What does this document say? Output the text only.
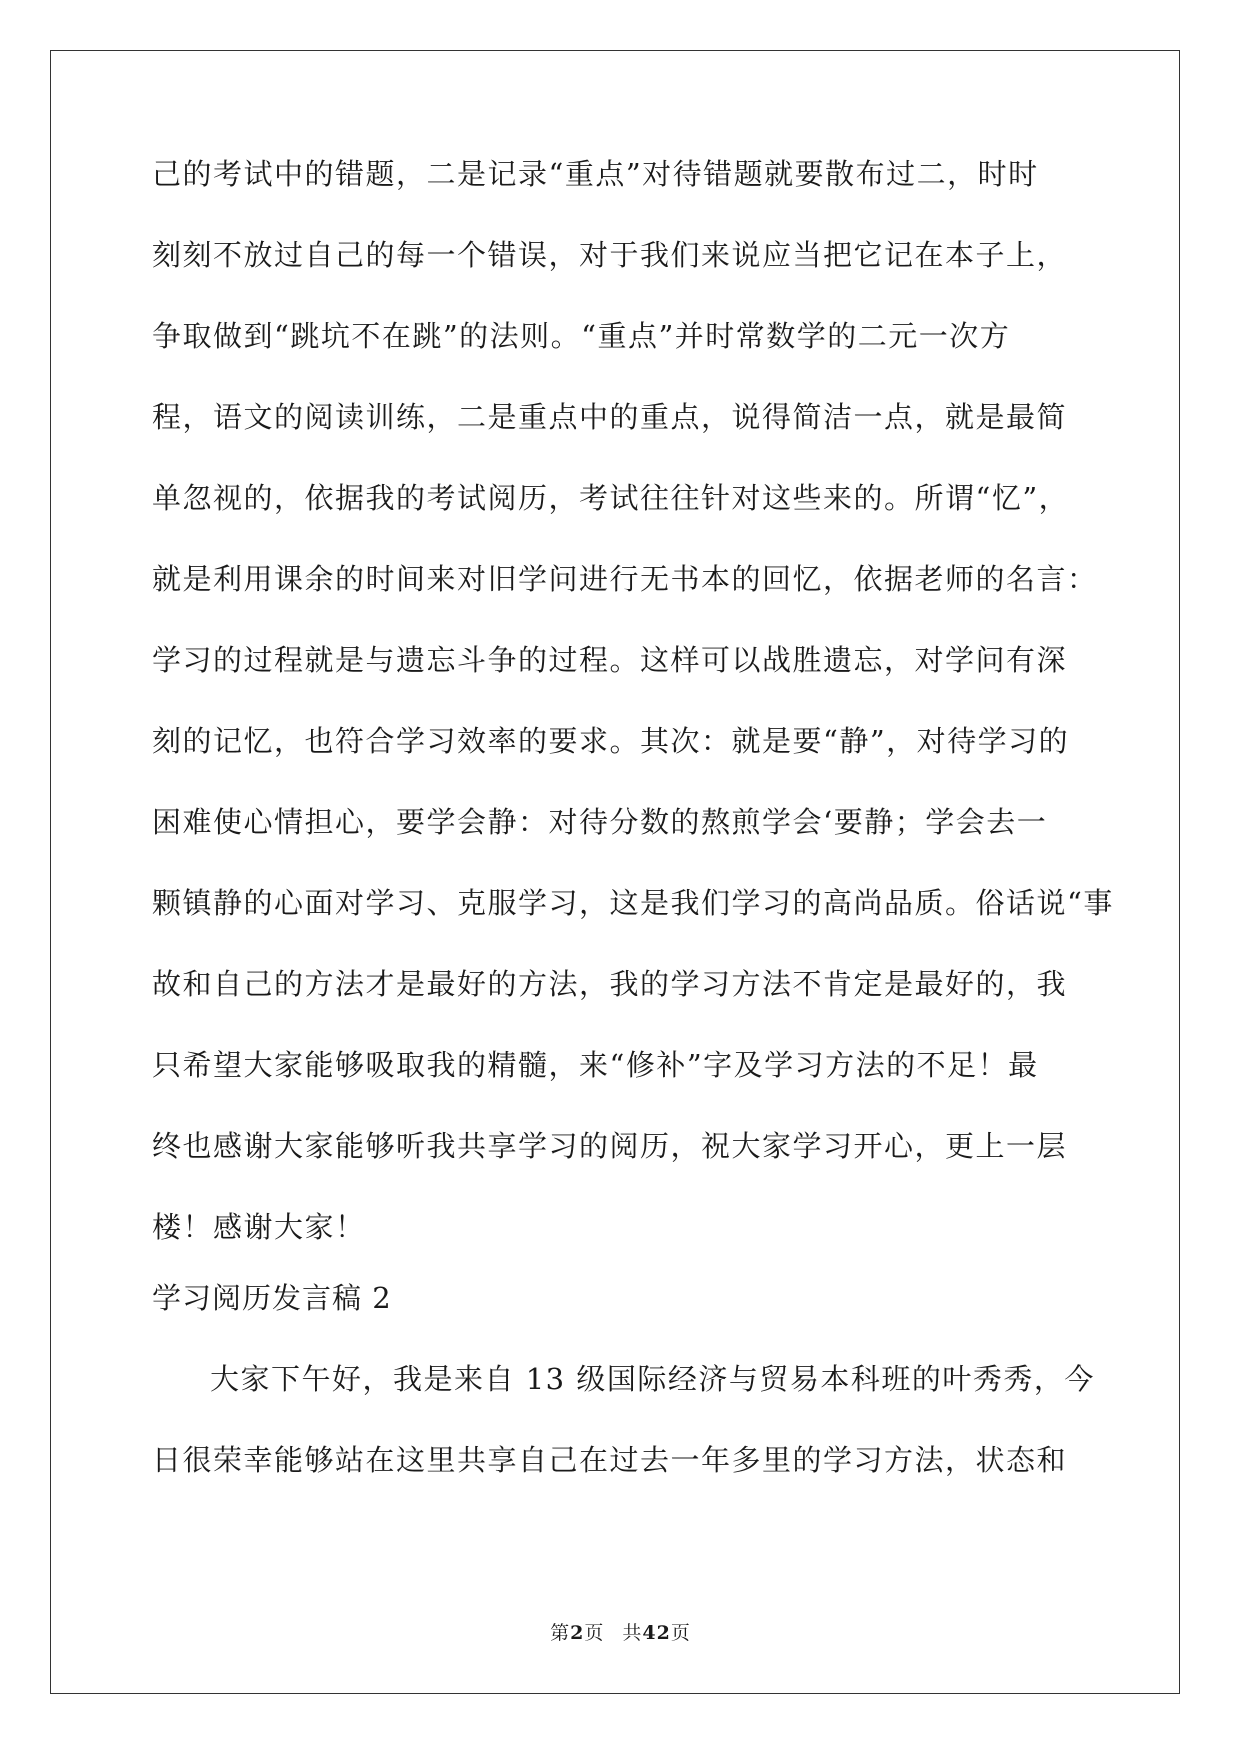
己的考试中的错题，二是记录“重点”对待错题就要散布过二，时时
刻刻不放过自己的每一个错误，对于我们来说应当把它记在本子上，
争取做到“跳坑不在跳”的法则。“重点”并时常数学的二元一次方
程，语文的阅读训练，二是重点中的重点，说得简洁一点，就是最简
单忽视的，依据我的考试阅历，考试往往针对这些来的。所谓“忆”，
就是利用课余的时间来对旧学问进行无书本的回忆，依据老师的名言：
学习的过程就是与遗忘斗争的过程。这样可以战胜遗忘，对学问有深
刻的记忆，也符合学习效率的要求。其次：就是要“静”，对待学习的
困难使心情担心，要学会静：对待分数的熬煎学会‘要静；学会去一
颗镇静的心面对学习、克服学习，这是我们学习的高尚品质。俗话说“事
故和自己的方法才是最好的方法，我的学习方法不肯定是最好的，我
只希望大家能够吸取我的精髓，来“修补”字及学习方法的不足！最
终也感谢大家能够听我共享学习的阅历，祝大家学习开心，更上一层
楼！感谢大家！
学习阅历发言稿 2
大家下午好，我是来自 13 级国际经济与贸易本科班的叶秀秀，今
日很荣幸能够站在这里共享自己在过去一年多里的学习方法，状态和
第2页 共42页
